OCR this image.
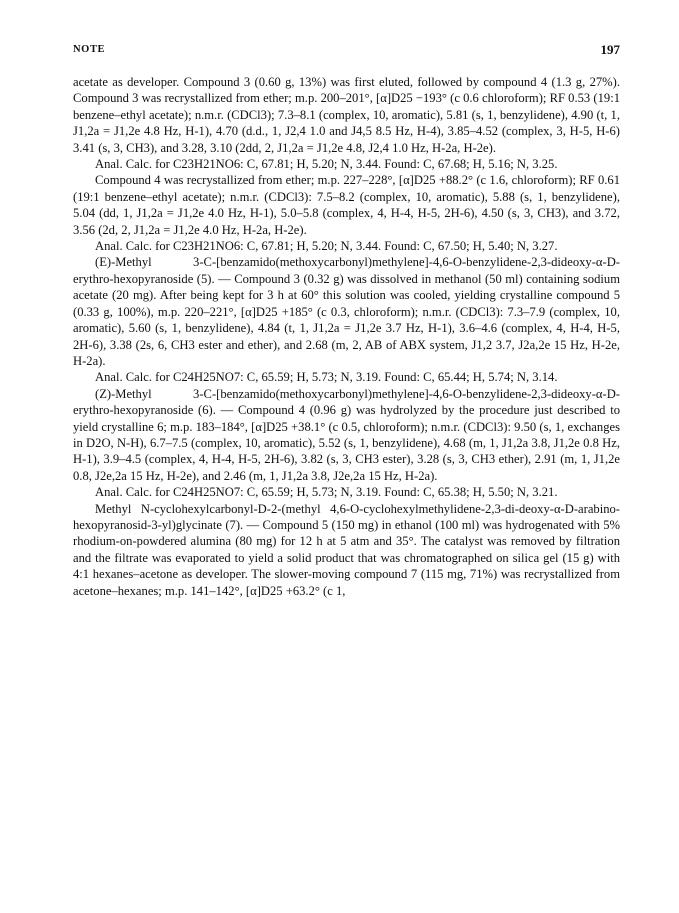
NOTE	197

acetate as developer. Compound 3 (0.60 g, 13%) was first eluted, followed by compound 4 (1.3 g, 27%). Compound 3 was recrystallized from ether; m.p. 200–201°, [α]D25 −193° (c 0.6 chloroform); RF 0.53 (19:1 benzene–ethyl acetate); n.m.r. (CDCl3); 7.3–8.1 (complex, 10, aromatic), 5.81 (s, 1, benzylidene), 4.90 (t, 1, J1,2a = J1,2e 4.8 Hz, H-1), 4.70 (d.d., 1, J2,4 1.0 and J4,5 8.5 Hz, H-4), 3.85–4.52 (complex, 3, H-5, H-6) 3.41 (s, 3, CH3), and 3.28, 3.10 (2dd, 2, J1,2a = J1,2e 4.8, J2,4 1.0 Hz, H-2a, H-2e).

Anal. Calc. for C23H21NO6: C, 67.81; H, 5.20; N, 3.44. Found: C, 67.68; H, 5.16; N, 3.25.

Compound 4 was recrystallized from ether; m.p. 227–228°, [α]D25 +88.2° (c 1.6, chloroform); RF 0.61 (19:1 benzene–ethyl acetate); n.m.r. (CDCl3): 7.5–8.2 (complex, 10, aromatic), 5.88 (s, 1, benzylidene), 5.04 (dd, 1, J1,2a = J1,2e 4.0 Hz, H-1), 5.0–5.8 (complex, 4, H-4, H-5, 2H-6), 4.50 (s, 3, CH3), and 3.72, 3.56 (2d, 2, J1,2a = J1,2e 4.0 Hz, H-2a, H-2e).

Anal. Calc. for C23H21NO6: C, 67.81; H, 5.20; N, 3.44. Found: C, 67.50; H, 5.40; N, 3.27.

(E)-Methyl 3-C-[benzamido(methoxycarbonyl)methylene]-4,6-O-benzylidene-2,3-dideoxy-α-D-erythro-hexopyranoside (5). — Compound 3 (0.32 g) was dissolved in methanol (50 ml) containing sodium acetate (20 mg). After being kept for 3 h at 60° this solution was cooled, yielding crystalline compound 5 (0.33 g, 100%), m.p. 220–221°, [α]D25 +185° (c 0.3, chloroform); n.m.r. (CDCl3): 7.3–7.9 (complex, 10, aromatic), 5.60 (s, 1, benzylidene), 4.84 (t, 1, J1,2a = J1,2e 3.7 Hz, H-1), 3.6–4.6 (complex, 4, H-4, H-5, 2H-6), 3.38 (2s, 6, CH3 ester and ether), and 2.68 (m, 2, AB of ABX system, J1,2 3.7, J2a,2e 15 Hz, H-2e, H-2a).

Anal. Calc. for C24H25NO7: C, 65.59; H, 5.73; N, 3.19. Found: C, 65.44; H, 5.74; N, 3.14.

(Z)-Methyl 3-C-[benzamido(methoxycarbonyl)methylene]-4,6-O-benzylidene-2,3-dideoxy-α-D-erythro-hexopyranoside (6). — Compound 4 (0.96 g) was hydrolyzed by the procedure just described to yield crystalline 6; m.p. 183–184°, [α]D25 +38.1° (c 0.5, chloroform); n.m.r. (CDCl3): 9.50 (s, 1, exchanges in D2O, N-H), 6.7–7.5 (complex, 10, aromatic), 5.52 (s, 1, benzylidene), 4.68 (m, 1, J1,2a 3.8, J1,2e 0.8 Hz, H-1), 3.9–4.5 (complex, 4, H-4, H-5, 2H-6), 3.82 (s, 3, CH3 ester), 3.28 (s, 3, CH3 ether), 2.91 (m, 1, J1,2e 0.8, J2e,2a 15 Hz, H-2e), and 2.46 (m, 1, J1,2a 3.8, J2e,2a 15 Hz, H-2a).

Anal. Calc. for C24H25NO7: C, 65.59; H, 5.73; N, 3.19. Found: C, 65.38; H, 5.50; N, 3.21.

Methyl N-cyclohexylcarbonyl-D-2-(methyl 4,6-O-cyclohexylmethylidene-2,3-di-deoxy-α-D-arabino-hexopyranosid-3-yl)glycinate (7). — Compound 5 (150 mg) in ethanol (100 ml) was hydrogenated with 5% rhodium-on-powdered alumina (80 mg) for 12 h at 5 atm and 35°. The catalyst was removed by filtration and the filtrate was evaporated to yield a solid product that was chromatographed on silica gel (15 g) with 4:1 hexanes–acetone as developer. The slower-moving compound 7 (115 mg, 71%) was recrystallized from acetone–hexanes; m.p. 141–142°, [α]D25 +63.2° (c 1,
